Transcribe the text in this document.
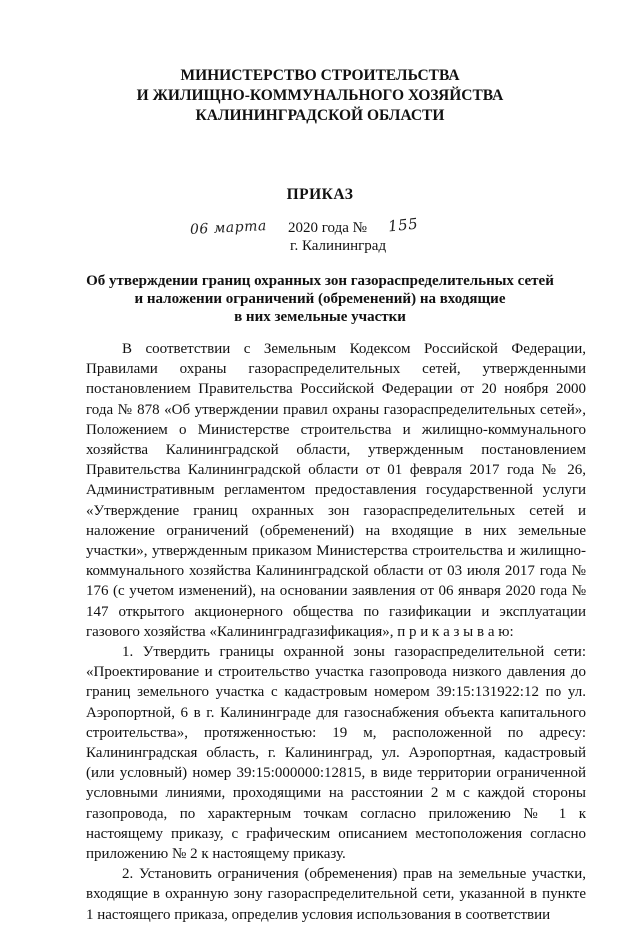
МИНИСТЕРСТВО СТРОИТЕЛЬСТВА
И ЖИЛИЩНО-КОММУНАЛЬНОГО ХОЗЯЙСТВА
КАЛИНИНГРАДСКОЙ ОБЛАСТИ
ПРИКАЗ
06 марта 2020 года № 155
г. Калининград
Об утверждении границ охранных зон газораспределительных сетей
и наложении ограничений (обременений) на входящие
в них земельные участки

В соответствии с Земельным Кодексом Российской Федерации, Правилами охраны газораспределительных сетей, утвержденными постановлением Правительства Российской Федерации от 20 ноября 2000 года № 878 «Об утверждении правил охраны газораспределительных сетей», Положением о Министерстве строительства и жилищно-коммунального хозяйства Калининградской области, утвержденным постановлением Правительства Калининградской области от 01 февраля 2017 года № 26, Административным регламентом предоставления государственной услуги «Утверждение границ охранных зон газораспределительных сетей и наложение ограничений (обременений) на входящие в них земельные участки», утвержденным приказом Министерства строительства и жилищно-коммунального хозяйства Калининградской области от 03 июля 2017 года № 176 (с учетом изменений), на основании заявления от 06 января 2020 года № 147 открытого акционерного общества по газификации и эксплуатации газового хозяйства «Калининградгазификация», п р и к а з ы в а ю:

1. Утвердить границы охранной зоны газораспределительной сети: «Проектирование и строительство участка газопровода низкого давления до границ земельного участка с кадастровым номером 39:15:131922:12 по ул. Аэропортной, 6 в г. Калининграде для газоснабжения объекта капитального строительства», протяженностью: 19 м, расположенной по адресу: Калининградская область, г. Калининград, ул. Аэропортная, кадастровый (или условный) номер 39:15:000000:12815, в виде территории ограниченной условными линиями, проходящими на расстоянии 2 м с каждой стороны газопровода, по характерным точкам согласно приложению № 1 к настоящему приказу, с графическим описанием местоположения согласно приложению № 2 к настоящему приказу.

2. Установить ограничения (обременения) прав на земельные участки, входящие в охранную зону газораспределительной сети, указанной в пункте 1 настоящего приказа, определив условия использования в соответствии
